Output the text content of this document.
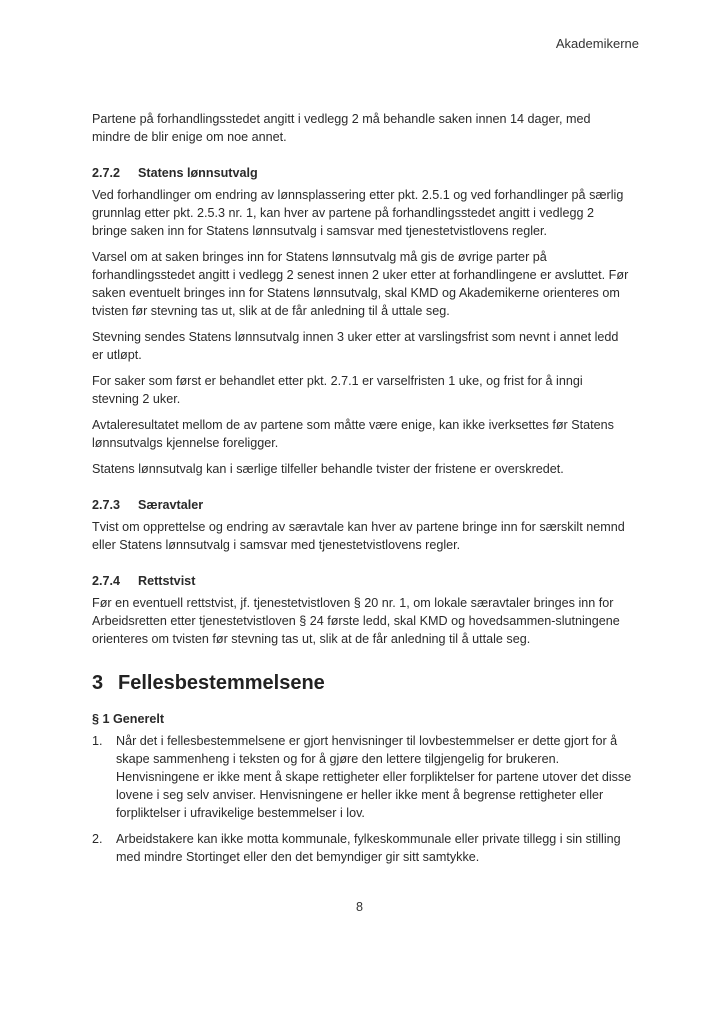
Akademikerne

Partene på forhandlingsstedet angitt i vedlegg 2 må behandle saken innen 14 dager, med mindre de blir enige om noe annet.

2.7.2 Statens lønnsutvalg

Ved forhandlinger om endring av lønnsplassering etter pkt. 2.5.1 og ved forhandlinger på særlig grunnlag etter pkt. 2.5.3 nr. 1, kan hver av partene på forhandlingsstedet angitt i vedlegg 2 bringe saken inn for Statens lønnsutvalg i samsvar med tjenestetvistlovens regler.

Varsel om at saken bringes inn for Statens lønnsutvalg må gis de øvrige parter på forhandlingsstedet angitt i vedlegg 2 senest innen 2 uker etter at forhandlingene er avsluttet. Før saken eventuelt bringes inn for Statens lønnsutvalg, skal KMD og Akademikerne orienteres om tvisten før stevning tas ut, slik at de får anledning til å uttale seg.

Stevning sendes Statens lønnsutvalg innen 3 uker etter at varslingsfrist som nevnt i annet ledd er utløpt.

For saker som først er behandlet etter pkt. 2.7.1 er varselfristen 1 uke, og frist for å inngi stevning 2 uker.

Avtaleresultatet mellom de av partene som måtte være enige, kan ikke iverksettes før Statens lønnsutvalgs kjennelse foreligger.

Statens lønnsutvalg kan i særlige tilfeller behandle tvister der fristene er overskredet.

2.7.3 Særavtaler

Tvist om opprettelse og endring av særavtale kan hver av partene bringe inn for særskilt nemnd eller Statens lønnsutvalg i samsvar med tjenestetvistlovens regler.

2.7.4 Rettstvist

Før en eventuell rettstvist, jf. tjenestetvistloven § 20 nr. 1, om lokale særavtaler bringes inn for Arbeidsretten etter tjenestetvistloven § 24 første ledd, skal KMD og hovedsammen-slutningene orienteres om tvisten før stevning tas ut, slik at de får anledning til å uttale seg.

3 Fellesbestemmelsene
§ 1 Generelt
1. Når det i fellesbestemmelsene er gjort henvisninger til lovbestemmelser er dette gjort for å skape sammenheng i teksten og for å gjøre den lettere tilgjengelig for brukeren. Henvisningene er ikke ment å skape rettigheter eller forpliktelser for partene utover det disse lovene i seg selv anviser. Henvisningene er heller ikke ment å begrense rettigheter eller forpliktelser i ufravikelige bestemmelser i lov.
2. Arbeidstakere kan ikke motta kommunale, fylkeskommunale eller private tillegg i sin stilling med mindre Stortinget eller den det bemyndiger gir sitt samtykke.
8
